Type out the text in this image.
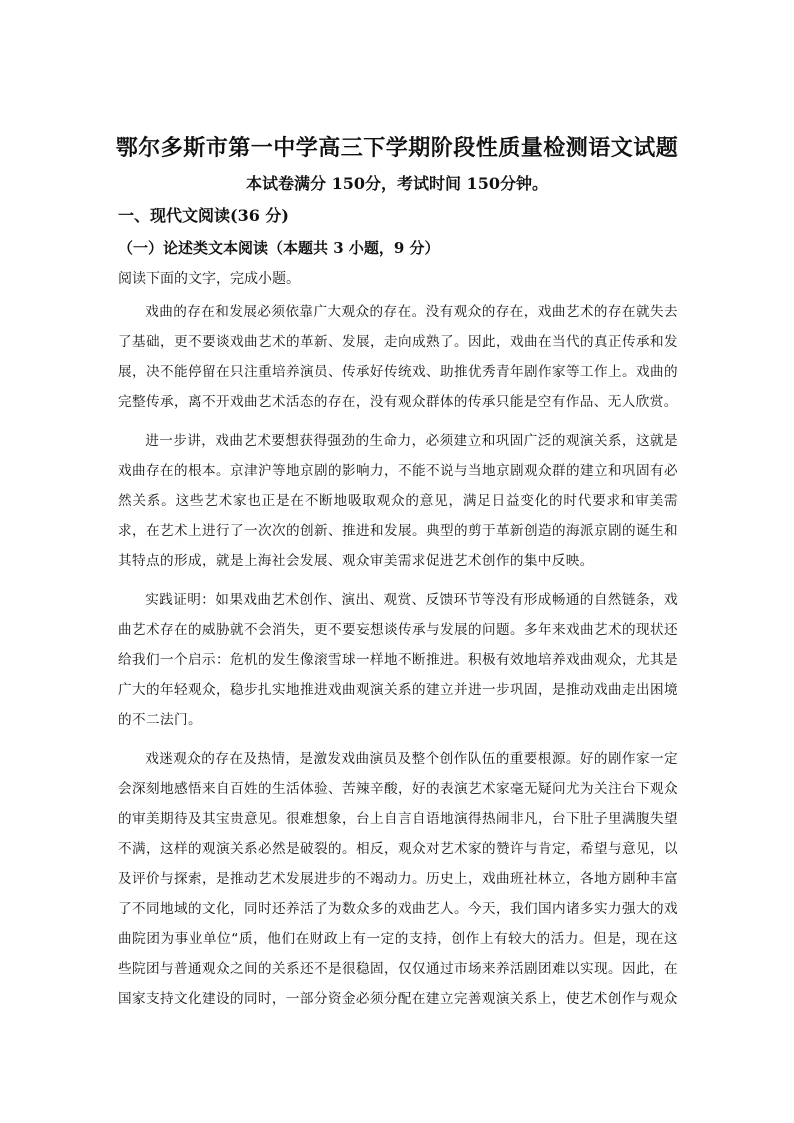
鄂尔多斯市第一中学高三下学期阶段性质量检测语文试题
本试卷满分 150分，考试时间 150分钟。
一、现代文阅读(36 分)
（一）论述类文本阅读（本题共 3 小题，9 分）
阅读下面的文字，完成小题。

戏曲的存在和发展必须依靠广大观众的存在。没有观众的存在，戏曲艺术的存在就失去了基础，更不要谈戏曲艺术的革新、发展，走向成熟了。因此，戏曲在当代的真正传承和发展，决不能停留在只注重培养演员、传承好传统戏、助推优秀青年剧作家等工作上。戏曲的完整传承，离不开戏曲艺术活态的存在，没有观众群体的传承只能是空有作品、无人欣赏。

进一步讲，戏曲艺术要想获得强劲的生命力，必须建立和巩固广泛的观演关系，这就是戏曲存在的根本。京津沪等地京剧的影响力，不能不说与当地京剧观众群的建立和巩固有必然关系。这些艺术家也正是在不断地吸取观众的意见，满足日益变化的时代要求和审美需求，在艺术上进行了一次次的创新、推进和发展。典型的剪于革新创造的海派京剧的诞生和其特点的形成，就是上海社会发展、观众审美需求促进艺术创作的集中反映。

实践证明：如果戏曲艺术创作、演出、观赏、反馈环节等没有形成畅通的自然链条，戏曲艺术存在的威胁就不会消失，更不要妄想谈传承与发展的问题。多年来戏曲艺术的现状还给我们一个启示：危机的发生像滚雪球一样地不断推进。积极有效地培养戏曲观众，尤其是广大的年轻观众，稳步扎实地推进戏曲观演关系的建立并进一步巩固，是推动戏曲走出困境的不二法门。

戏迷观众的存在及热情，是激发戏曲演员及整个创作队伍的重要根源。好的剧作家一定会深刻地感悟来自百姓的生活体验、苦辣辛酸，好的表演艺术家毫无疑问尤为关注台下观众的审美期待及其宝贵意见。很难想象，台上自言自语地演得热闹非凡，台下肚子里满腹失望不满，这样的观演关系必然是破裂的。相反，观众对艺术家的赞许与肯定，希望与意见，以及评价与探索，是推动艺术发展进步的不竭动力。历史上，戏曲班社林立，各地方剧种丰富了不同地域的文化，同时还养活了为数众多的戏曲艺人。今天，我们国内诸多实力强大的戏曲院团为事业单位“质，他们在财政上有一定的支持，创作上有较大的活力。但是，现在这些院团与普通观众之间的关系还不是很稳固，仅仅通过市场来养活剧团难以实现。因此，在国家支持文化建设的同时，一部分资金必须分配在建立完善观演关系上，使艺术创作与观众
